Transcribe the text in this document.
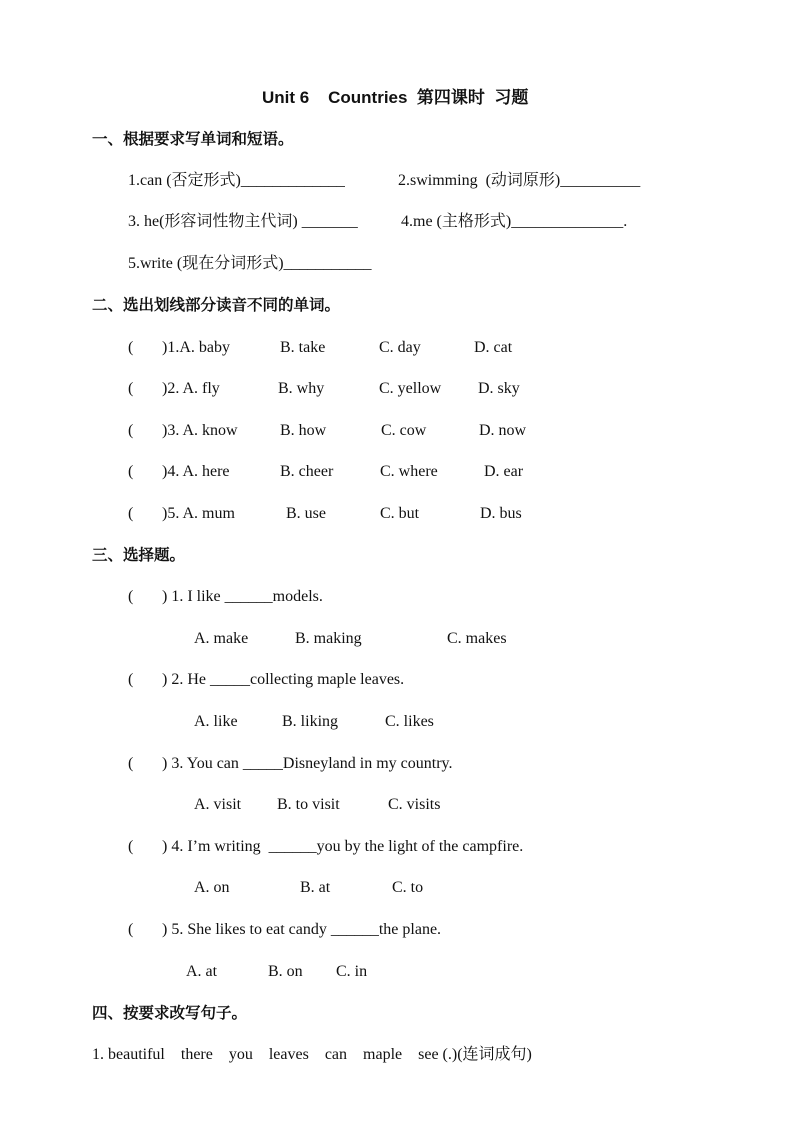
Unit 6    Countries  第四课时  习题
一、根据要求写单词和短语。
1.can (否定形式)_____________	2.swimming  (动词原形)__________
3. he(形容词性物主代词) _______	4.me (主格形式)______________.
5.write (现在分词形式)___________
二、选出划线部分读音不同的单词。
( )1.A. baby	B. take	C. day	D. cat
( )2. A. fly	B. why	C. yellow D. sky
( )3. A. know	B. how	C. cow	D. now
( )4. A. here	B. cheer	C. where	D. ear
( )5. A. mum	B. use	C. but	D. bus
三、选择题。
( ) 1. I like ______models.
A. make	B. making	C. makes
( ) 2. He _____collecting maple leaves.
A. like	B. liking	C. likes
( ) 3. You can _____Disneyland in my country.
A. visit B. to visit	C. visits
( ) 4. I’m writing  ______you by the light of the campfire.
A. on	B. at	C. to
( ) 5. She likes to eat candy ______the plane.
A. at	B. on C. in
四、按要求改写句子。
1. beautiful    there    you    leaves    can    maple    see (.)(连词成句)
